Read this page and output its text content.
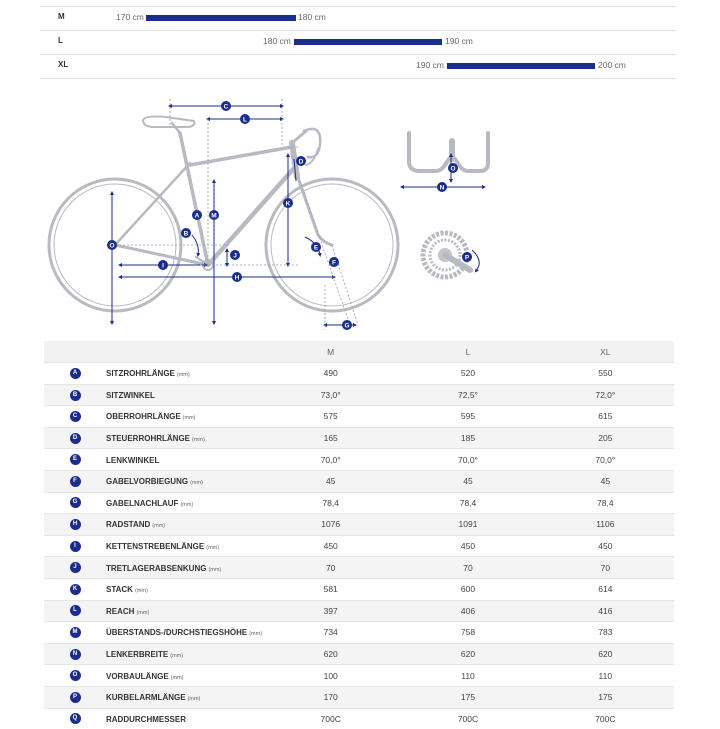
M	170 cm	180 cm
L	180 cm	190 cm
XL	190 cm	200 cm
C
L
D
K
A M
B
O	E
J
I	F
H
G
O
N
P
		M	L	XL
A	SITZROHRLÄNGE (mm)	490	520	550
B	SITZWINKEL	73,0°	72,5°	72,0°
C	OBERROHRLÄNGE (mm)	575	595	615
D	STEUERROHRLÄNGE (mm)	165	185	205
E	LENKWINKEL	70,0°	70,0°	70,0°
F	GABELVORBIEGUNG (mm)	45	45	45
G	GABELNACHLAUF (mm)	78,4	78,4	78,4
H	RADSTAND (mm)	1076	1091	1106
I	KETTENSTREBENLÄNGE (mm)	450	450	450
J	TRETLAGERABSENKUNG (mm)	70	70	70
K	STACK (mm)	581	600	614
L	REACH (mm)	397	406	416
M	ÜBERSTANDS-/DURCHSTIEGSHÖHE (mm)	734	758	783
N	LENKERBREITE (mm)	620	620	620
O	VORBAULÄNGE (mm)	100	110	110
P	KURBELARMLÄNGE (mm)	170	175	175
Q	RADDURCHMESSER	700C	700C	700C
